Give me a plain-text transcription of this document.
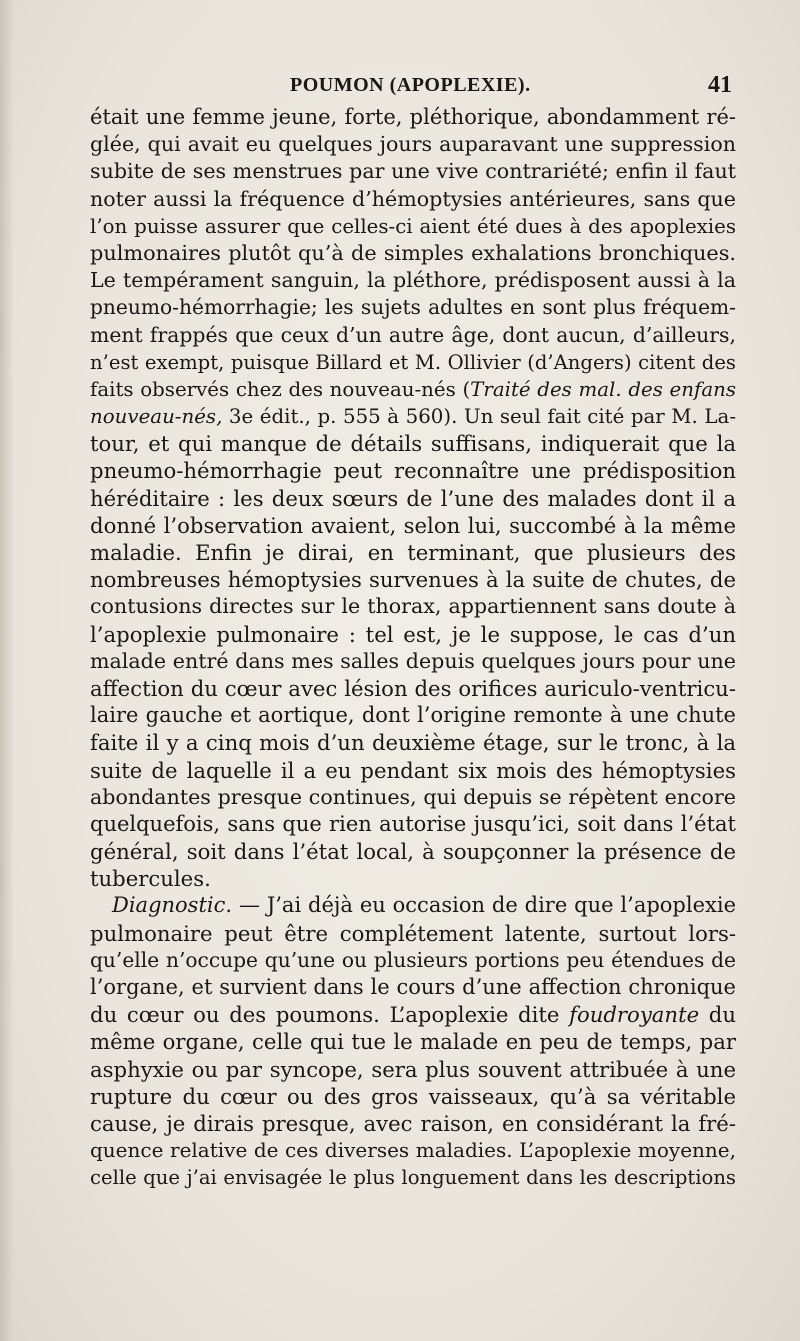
POUMON (APOPLEXIE).	41
était une femme jeune, forte, pléthorique, abondamment ré-
glée, qui avait eu quelques jours auparavant une suppression
subite de ses menstrues par une vive contrariété; enfin il faut
noter aussi la fréquence d’hémoptysies antérieures, sans que
l’on puisse assurer que celles-ci aient été dues à des apoplexies
pulmonaires plutôt qu’à de simples exhalations bronchiques.
Le tempérament sanguin, la pléthore, prédisposent aussi à la
pneumo-hémorrhagie; les sujets adultes en sont plus fréquem-
ment frappés que ceux d’un autre âge, dont aucun, d’ailleurs,
n’est exempt, puisque Billard et M. Ollivier (d’Angers) citent des
faits observés chez des nouveau-nés (Traité des mal. des enfans
nouveau-nés, 3e édit., p. 555 à 560). Un seul fait cité par M. La-
tour, et qui manque de détails suffisans, indiquerait que la
pneumo-hémorrhagie peut reconnaître une prédisposition
héréditaire : les deux sœurs de l’une des malades dont il a
donné l’observation avaient, selon lui, succombé à la même
maladie. Enfin je dirai, en terminant, que plusieurs des
nombreuses hémoptysies survenues à la suite de chutes, de
contusions directes sur le thorax, appartiennent sans doute à
l’apoplexie pulmonaire : tel est, je le suppose, le cas d’un
malade entré dans mes salles depuis quelques jours pour une
affection du cœur avec lésion des orifices auriculo-ventricu-
laire gauche et aortique, dont l’origine remonte à une chute
faite il y a cinq mois d’un deuxième étage, sur le tronc, à la
suite de laquelle il a eu pendant six mois des hémoptysies
abondantes presque continues, qui depuis se répètent encore
quelquefois, sans que rien autorise jusqu’ici, soit dans l’état
général, soit dans l’état local, à soupçonner la présence de
tubercules.
Diagnostic. — J’ai déjà eu occasion de dire que l’apoplexie
pulmonaire peut être complétement latente, surtout lors-
qu’elle n’occupe qu’une ou plusieurs portions peu étendues de
l’organe, et survient dans le cours d’une affection chronique
du cœur ou des poumons. L’apoplexie dite foudroyante du
même organe, celle qui tue le malade en peu de temps, par
asphyxie ou par syncope, sera plus souvent attribuée à une
rupture du cœur ou des gros vaisseaux, qu’à sa véritable
cause, je dirais presque, avec raison, en considérant la fré-
quence relative de ces diverses maladies. L’apoplexie moyenne,
celle que j’ai envisagée le plus longuement dans les descriptions
